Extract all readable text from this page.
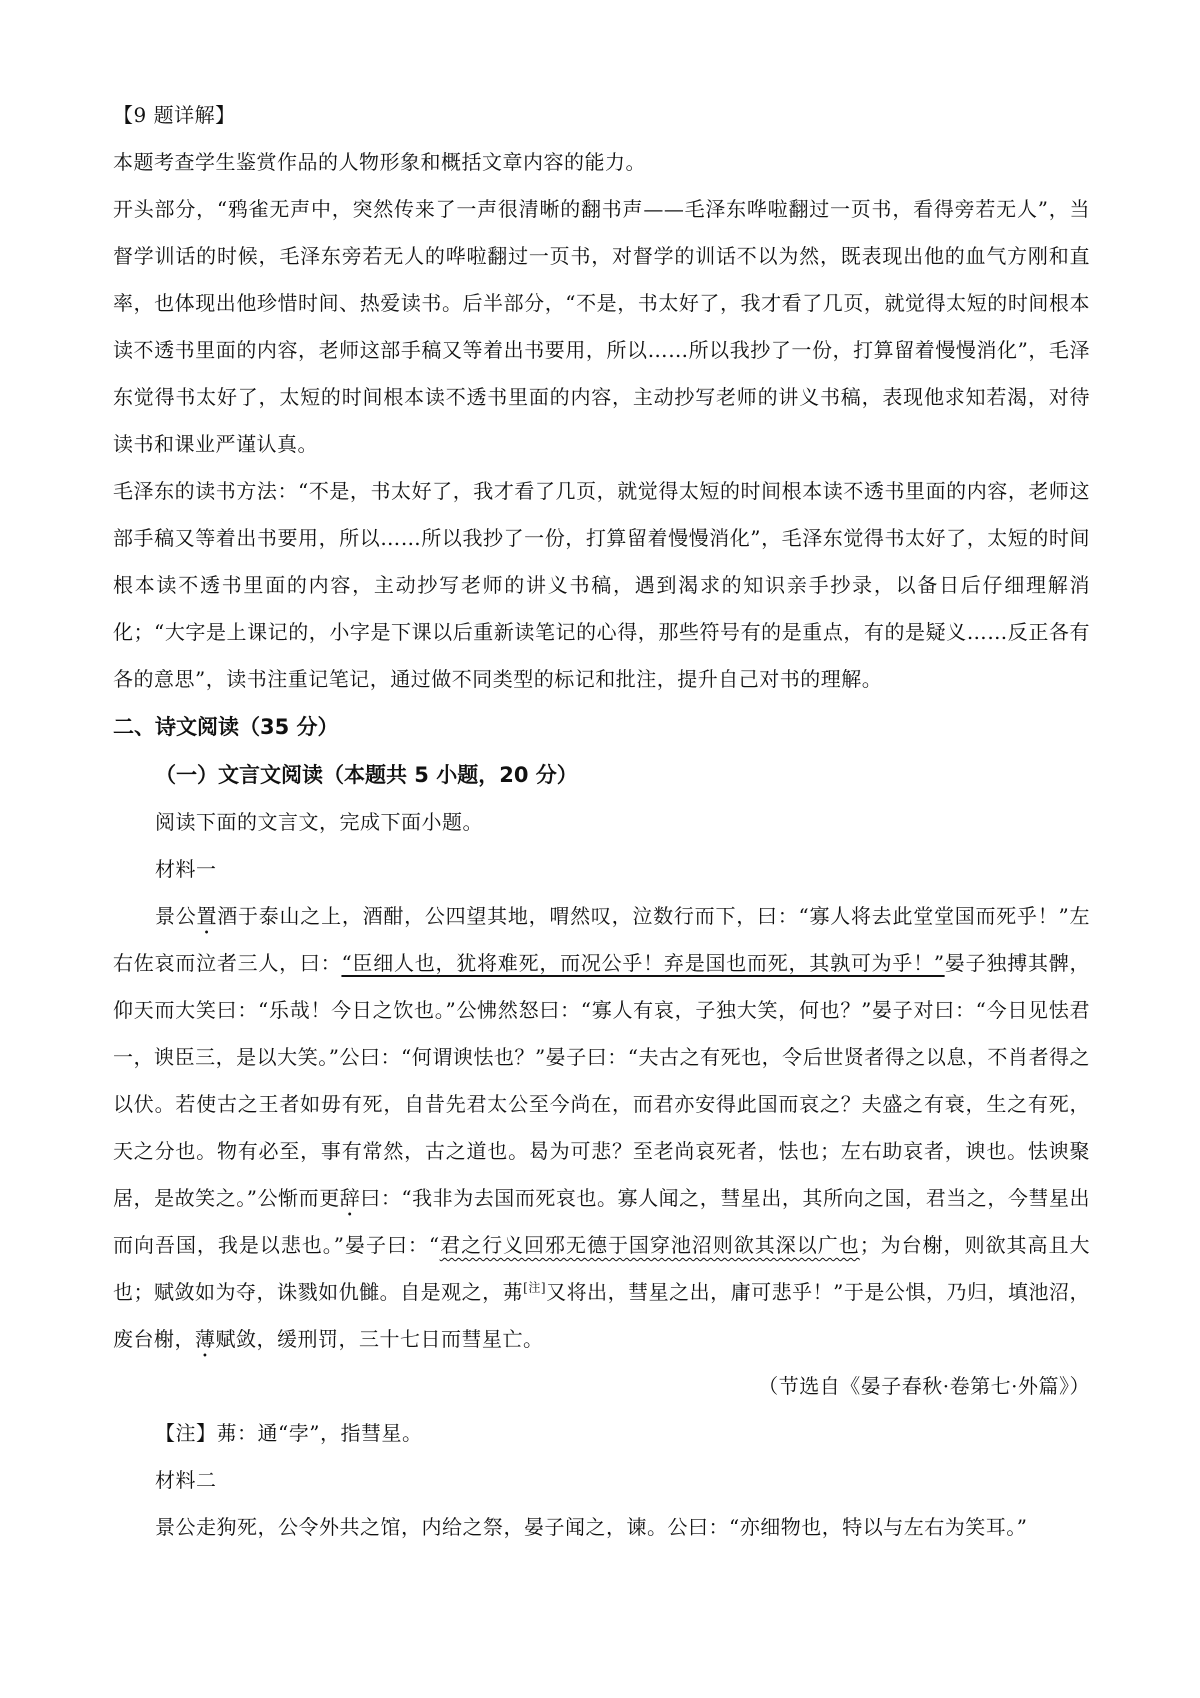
【9 题详解】

本题考查学生鉴赏作品的人物形象和概括文章内容的能力。

开头部分，“鸦雀无声中，突然传来了一声很清晰的翻书声——毛泽东哗啦翻过一页书，看得旁若无人”，当督学训话的时候，毛泽东旁若无人的哗啦翻过一页书，对督学的训话不以为然，既表现出他的血气方刚和直率，也体现出他珍惜时间、热爱读书。后半部分，“不是，书太好了，我才看了几页，就觉得太短的时间根本读不透书里面的内容，老师这部手稿又等着出书要用，所以……所以我抄了一份，打算留着慢慢消化”，毛泽东觉得书太好了，太短的时间根本读不透书里面的内容，主动抄写老师的讲义书稿，表现他求知若渴，对待读书和课业严谨认真。

毛泽东的读书方法：“不是，书太好了，我才看了几页，就觉得太短的时间根本读不透书里面的内容，老师这部手稿又等着出书要用，所以……所以我抄了一份，打算留着慢慢消化”，毛泽东觉得书太好了，太短的时间根本读不透书里面的内容，主动抄写老师的讲义书稿，遇到渴求的知识亲手抄录，以备日后仔细理解消化；“大字是上课记的，小字是下课以后重新读笔记的心得，那些符号有的是重点，有的是疑义……反正各有各的意思”，读书注重记笔记，通过做不同类型的标记和批注，提升自己对书的理解。

二、诗文阅读（35 分）

（一）文言文阅读（本题共 5 小题，20 分）

阅读下面的文言文，完成下面小题。

材料一

景公置酒于泰山之上，酒酣，公四望其地，喟然叹，泣数行而下，曰：“寡人将去此堂堂国而死乎！”左右佐哀而泣者三人，曰：“臣细人也，犹将难死，而况公乎！弃是国也而死，其孰可为乎！”晏子独搏其髀，仰天而大笑曰：“乐哉！今日之饮也。”公怫然怒曰：“寡人有哀，子独大笑，何也？”晏子对曰：“今日见怯君一，谀臣三，是以大笑。”公曰：“何谓谀怯也？”晏子曰：“夫古之有死也，令后世贤者得之以息，不肖者得之以伏。若使古之王者如毋有死，自昔先君太公至今尚在，而君亦安得此国而哀之？夫盛之有衰，生之有死，天之分也。物有必至，事有常然，古之道也。曷为可悲？至老尚哀死者，怯也；左右助哀者，谀也。怯谀聚居，是故笑之。”公惭而更辞曰：“我非为去国而死哀也。寡人闻之，彗星出，其所向之国，君当之，今彗星出而向吾国，我是以悲也。”晏子曰：“君之行义回邪无德于国穿池沼则欲其深以广也；为台榭，则欲其高且大也；赋敛如为夺，诛戮如仇雠。自是观之，茀[注]又将出，彗星之出，庸可悲乎！”于是公惧，乃归，填池沼，废台榭，薄赋敛，缓刑罚，三十七日而彗星亡。

（节选自《晏子春秋·卷第七·外篇》）

【注】茀：通“孛”，指彗星。

材料二

景公走狗死，公令外共之馆，内给之祭，晏子闻之，谏。公曰：“亦细物也，特以与左右为笑耳。”
